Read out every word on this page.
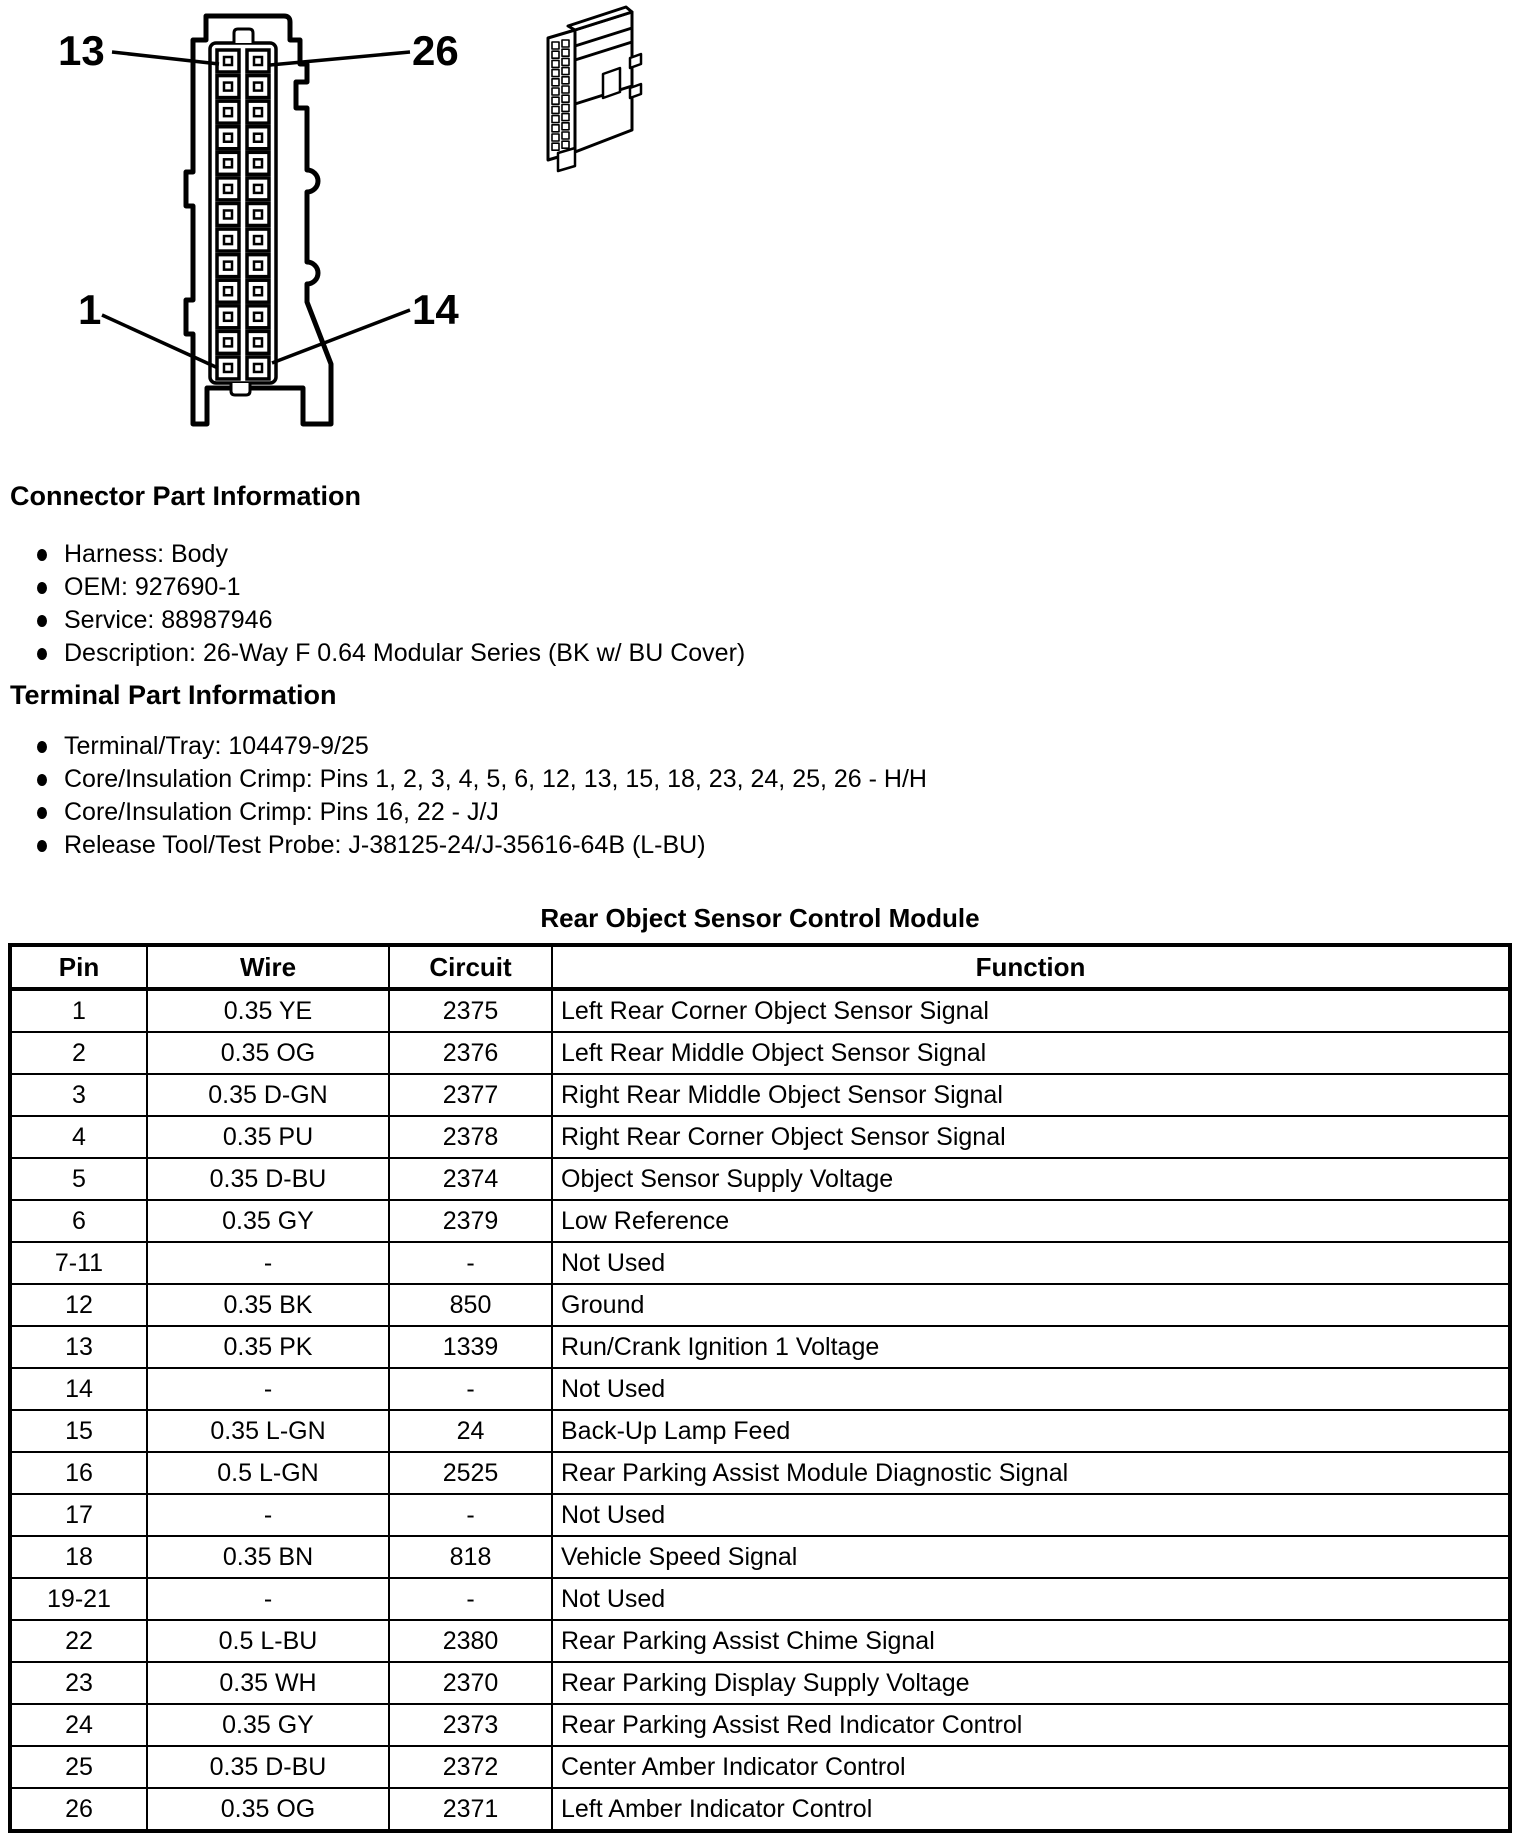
13	26
1	14
Connector Part Information
Harness: Body
OEM: 927690-1
Service: 88987946
Description: 26-Way F 0.64 Modular Series (BK w/ BU Cover)
Terminal Part Information
Terminal/Tray: 104479-9/25
Core/Insulation Crimp: Pins 1, 2, 3, 4, 5, 6, 12, 13, 15, 18, 23, 24, 25, 26 - H/H
Core/Insulation Crimp: Pins 16, 22 - J/J
Release Tool/Test Probe: J-38125-24/J-35616-64B (L-BU)
Rear Object Sensor Control Module
Pin	Wire	Circuit	Function
1	0.35 YE	2375	Left Rear Corner Object Sensor Signal
2	0.35 OG	2376	Left Rear Middle Object Sensor Signal
3	0.35 D-GN	2377	Right Rear Middle Object Sensor Signal
4	0.35 PU	2378	Right Rear Corner Object Sensor Signal
5	0.35 D-BU	2374	Object Sensor Supply Voltage
6	0.35 GY	2379	Low Reference
7-11	-	-	Not Used
12	0.35 BK	850	Ground
13	0.35 PK	1339	Run/Crank Ignition 1 Voltage
14	-	-	Not Used
15	0.35 L-GN	24	Back-Up Lamp Feed
16	0.5 L-GN	2525	Rear Parking Assist Module Diagnostic Signal
17	-	-	Not Used
18	0.35 BN	818	Vehicle Speed Signal
19-21	-	-	Not Used
22	0.5 L-BU	2380	Rear Parking Assist Chime Signal
23	0.35 WH	2370	Rear Parking Display Supply Voltage
24	0.35 GY	2373	Rear Parking Assist Red Indicator Control
25	0.35 D-BU	2372	Center Amber Indicator Control
26	0.35 OG	2371	Left Amber Indicator Control
